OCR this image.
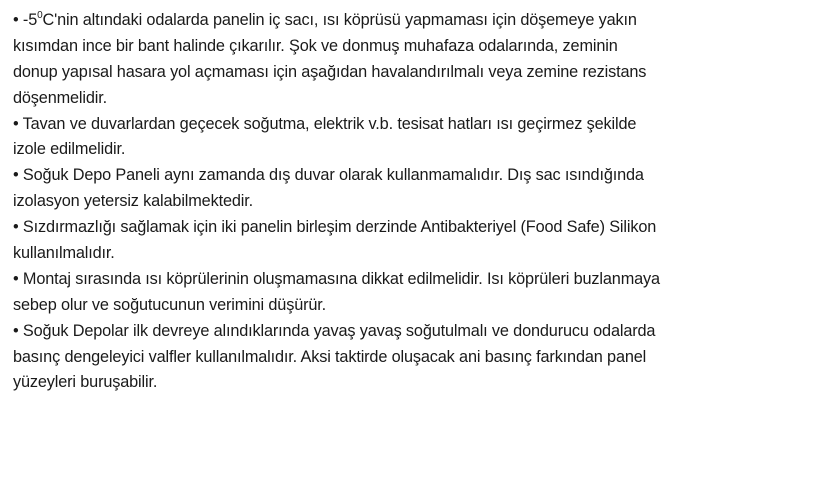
• $-5^0C'nin$ altındaki odalarda panelin iç sacı, ısı köprüsü yapmaması için döşemeye yakın
kısımdan ince bir bant halinde çıkarılır. Şok ve donmuş muhafaza odalarında, zeminin
donup yapısal hasara yol açmaması için aşağıdan havalandırılmalı veya zemine rezistans
döşenmelidir.
• Tavan ve duvarlardan geçecek soğutma, elektrik v.b. tesisat hatları ısı geçirmez şekilde
izole edilmelidir.
• Soğuk Depo Paneli aynı zamanda dış duvar olarak kullanmamalıdır. Dış sac ısındığında
izolasyon yetersiz kalabilmektedir.
• Sızdırmazlığı sağlamak için iki panelin birleşim derzinde Antibakteriyel (Food Safe) Silikon
kullanılmalıdır.
• Montaj sırasında ısı köprülerinin oluşmamasına dikkat edilmelidir. Isı köprüleri buzlanmaya
sebep olur ve soğutucunun verimini düşürür.
• Soğuk Depolar ilk devreye alındıklarında yavaş yavaş soğutulmalı ve dondurucu odalarda
basınç dengeleyici valfler kullanılmalıdır. Aksi taktirde oluşacak ani basınç farkından panel
yüzeyleri buruşabilir.
